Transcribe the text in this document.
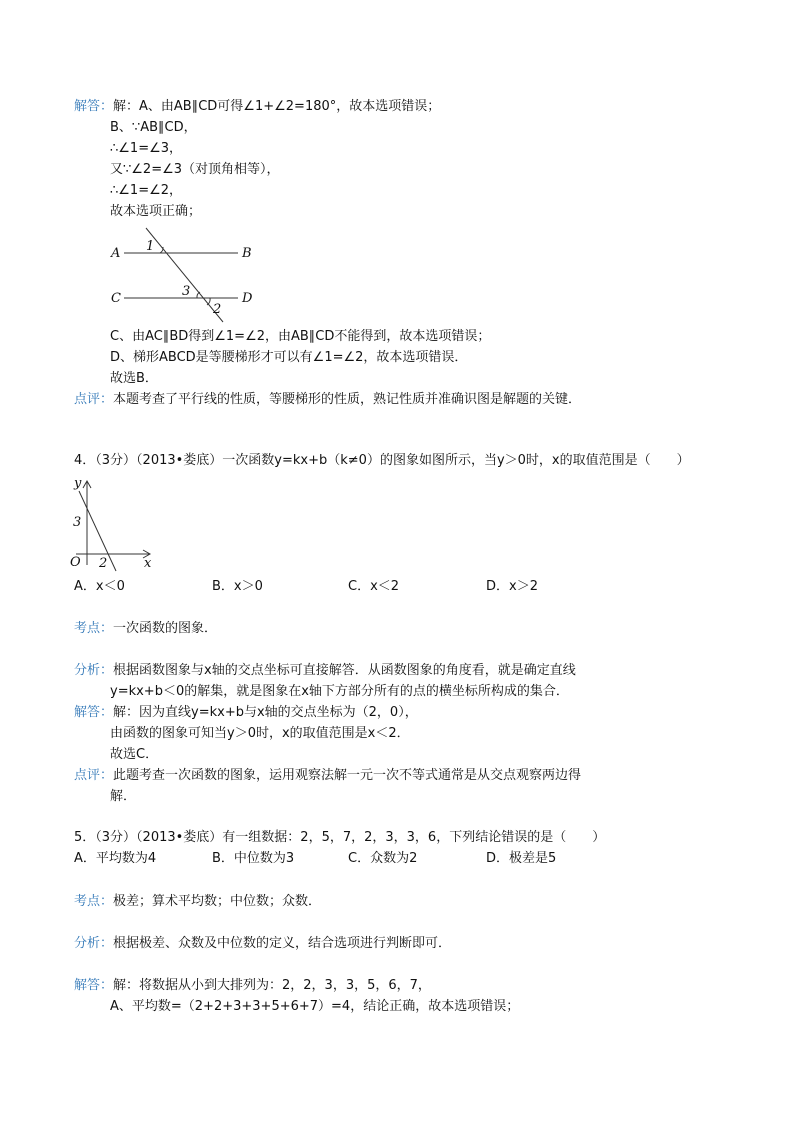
解答：解：A、由AB∥CD可得∠1+∠2=180°，故本选项错误；
B、∵AB∥CD，
∴∠1=∠3，
又∵∠2=∠3（对顶角相等），
∴∠1=∠2，
故本选项正确；
A	B
C	D
1
3
2
C、由AC∥BD得到∠1=∠2，由AB∥CD不能得到，故本选项错误；
D、梯形ABCD是等腰梯形才可以有∠1=∠2，故本选项错误．
故选B．
点评：本题考查了平行线的性质，等腰梯形的性质，熟记性质并准确识图是解题的关键．
4．（3分）（2013•娄底）一次函数y=kx+b（k≠0）的图象如图所示，当y＞0时，x的取值范围是（　　）
y
x
O
3
2
A．x＜0	B．x＞0	C．x＜2	D．x＞2
考点：一次函数的图象．
分析：根据函数图象与x轴的交点坐标可直接解答．从函数图象的角度看，就是确定直线
y=kx+b＜0的解集，就是图象在x轴下方部分所有的点的横坐标所构成的集合．
解答：解：因为直线y=kx+b与x轴的交点坐标为（2，0），
由函数的图象可知当y＞0时，x的取值范围是x＜2．
故选C．
点评：此题考查一次函数的图象，运用观察法解一元一次不等式通常是从交点观察两边得
解．
5．（3分）（2013•娄底）有一组数据：2，5，7，2，3，3，6，下列结论错误的是（　　）
A．平均数为4	B．中位数为3	C．众数为2	D．极差是5
考点：极差；算术平均数；中位数；众数．
分析：根据极差、众数及中位数的定义，结合选项进行判断即可．
解答：解：将数据从小到大排列为：2，2，3，3，5，6，7，
A、平均数=（2+2+3+3+5+6+7）=4，结论正确，故本选项错误；
